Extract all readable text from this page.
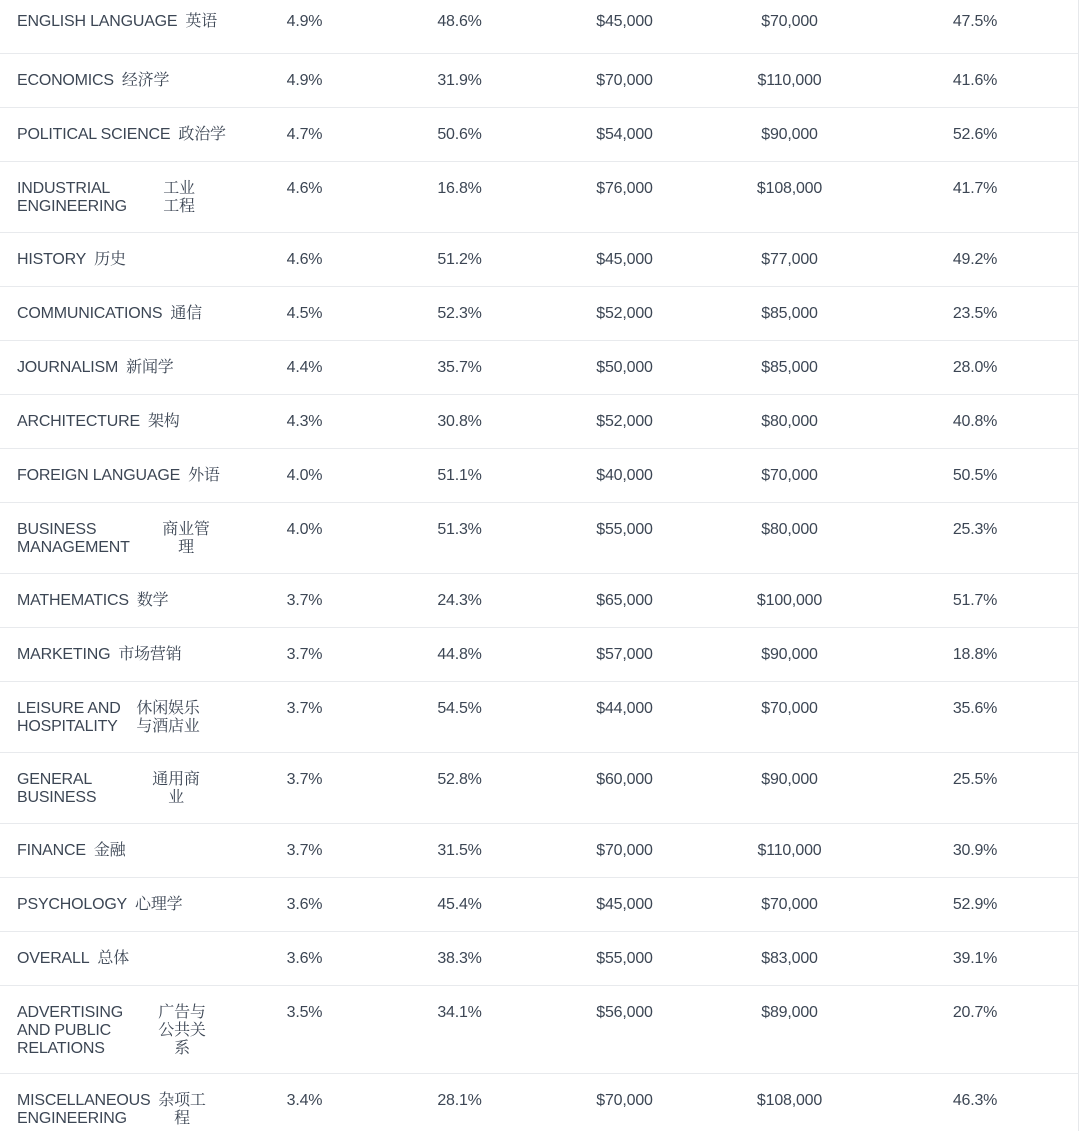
ENGLISH LANGUAGE 英语	4.9%	48.6%	$45,000	$70,000	47.5%

ECONOMICS 经济学	4.9%	31.9%	$70,000	$110,000	41.6%

POLITICAL SCIENCE 政治学	4.7%	50.6%	$54,000	$90,000	52.6%

INDUSTRIAL ENGINEERING
工业工程	4.6%	16.8%	$76,000	$108,000	41.7%

HISTORY 历史	4.6%	51.2%	$45,000	$77,000	49.2%

COMMUNICATIONS 通信	4.5%	52.3%	$52,000	$85,000	23.5%

JOURNALISM 新闻学	4.4%	35.7%	$50,000	$85,000	28.0%

ARCHITECTURE 架构	4.3%	30.8%	$52,000	$80,000	40.8%

FOREIGN LANGUAGE 外语	4.0%	51.1%	$40,000	$70,000	50.5%

BUSINESS MANAGEMENT
商业管理	4.0%	51.3%	$55,000	$80,000	25.3%

MATHEMATICS 数学	3.7%	24.3%	$65,000	$100,000	51.7%

MARKETING 市场营销	3.7%	44.8%	$57,000	$90,000	18.8%

LEISURE AND HOSPITALITY
休闲娱乐与酒店业	3.7%	54.5%	$44,000	$70,000	35.6%

GENERAL BUSINESS
通用商业	3.7%	52.8%	$60,000	$90,000	25.5%

FINANCE 金融	3.7%	31.5%	$70,000	$110,000	30.9%

PSYCHOLOGY 心理学	3.6%	45.4%	$45,000	$70,000	52.9%

OVERALL 总体	3.6%	38.3%	$55,000	$83,000	39.1%

ADVERTISING AND PUBLIC RELATIONS
广告与公共关系	3.5%	34.1%	$56,000	$89,000	20.7%

MISCELLANEOUS ENGINEERING
杂项工程	3.4%	28.1%	$70,000	$108,000	46.3%
